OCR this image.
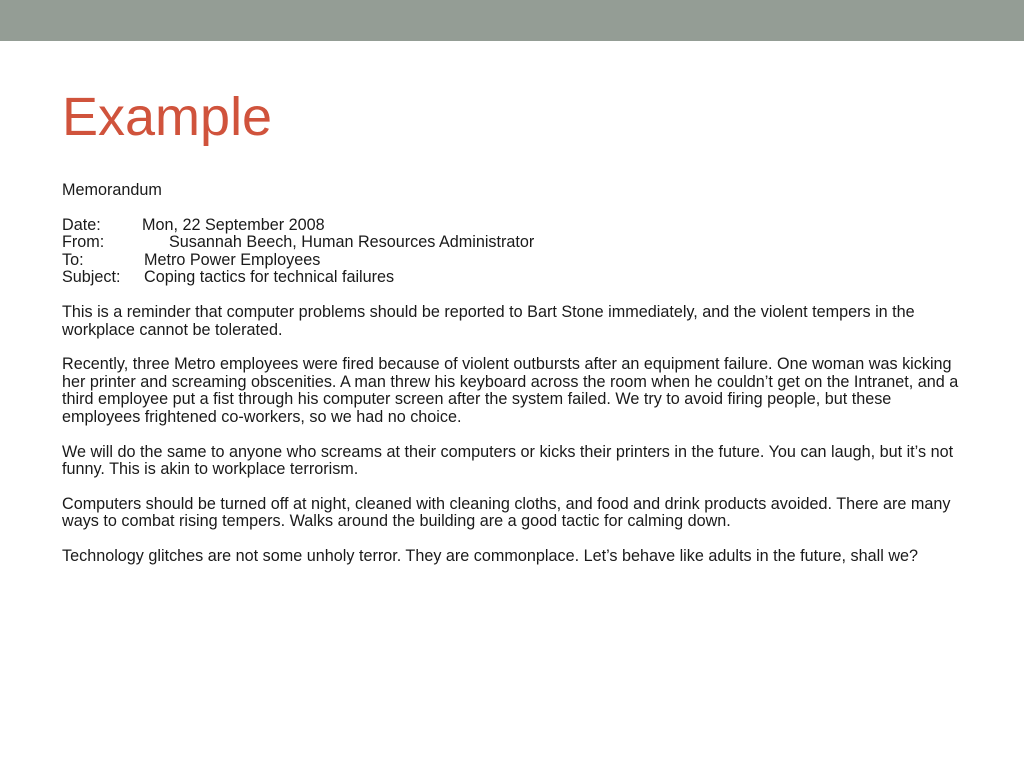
Example

Memorandum

Date:	Mon, 22 September 2008
From:	Susannah Beech, Human Resources Administrator
To:	Metro Power Employees
Subject:	Coping tactics for technical failures

This is a reminder that computer problems should be reported to Bart Stone immediately, and the violent tempers in the workplace cannot be tolerated.

Recently, three Metro employees were fired because of violent outbursts after an equipment failure. One woman was kicking her printer and screaming obscenities. A man threw his keyboard across the room when he couldn’t get on the Intranet, and a third employee put a fist through his computer screen after the system failed. We try to avoid firing people, but these employees frightened co-workers, so we had no choice.

We will do the same to anyone who screams at their computers or kicks their printers in the future. You can laugh, but it’s not funny. This is akin to workplace terrorism.

Computers should be turned off at night, cleaned with cleaning cloths, and food and drink products avoided. There are many ways to combat rising tempers. Walks around the building are a good tactic for calming down.

Technology glitches are not some unholy terror. They are commonplace. Let’s behave like adults in the future, shall we?
